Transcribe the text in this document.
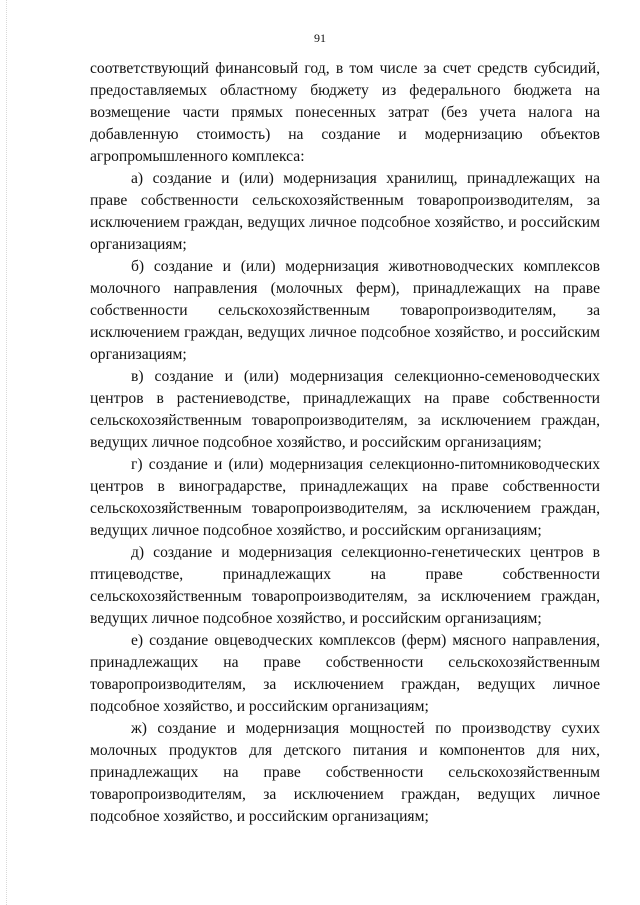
91

соответствующий финансовый год, в том числе за счет средств субсидий, предоставляемых областному бюджету из федерального бюджета на возмещение части прямых понесенных затрат (без учета налога на добавленную стоимость) на создание и модернизацию объектов агропромышленного комплекса:

а) создание и (или) модернизация хранилищ, принадлежащих на праве собственности сельскохозяйственным товаропроизводителям, за исключением граждан, ведущих личное подсобное хозяйство, и российским организациям;

б) создание и (или) модернизация животноводческих комплексов молочного направления (молочных ферм), принадлежащих на праве собственности сельскохозяйственным товаропроизводителям, за исключением граждан, ведущих личное подсобное хозяйство, и российским организациям;

в) создание и (или) модернизация селекционно-семеноводческих центров в растениеводстве, принадлежащих на праве собственности сельскохозяйственным товаропроизводителям, за исключением граждан, ведущих личное подсобное хозяйство, и российским организациям;

г) создание и (или) модернизация селекционно-питомниководческих центров в виноградарстве, принадлежащих на праве собственности сельскохозяйственным товаропроизводителям, за исключением граждан, ведущих личное подсобное хозяйство, и российским организациям;

д) создание и модернизация селекционно-генетических центров в птицеводстве, принадлежащих на праве собственности сельскохозяйственным товаропроизводителям, за исключением граждан, ведущих личное подсобное хозяйство, и российским организациям;

е) создание овцеводческих комплексов (ферм) мясного направления, принадлежащих на праве собственности сельскохозяйственным товаропроизводителям, за исключением граждан, ведущих личное подсобное хозяйство, и российским организациям;

ж) создание и модернизация мощностей по производству сухих молочных продуктов для детского питания и компонентов для них, принадлежащих на праве собственности сельскохозяйственным товаропроизводителям, за исключением граждан, ведущих личное подсобное хозяйство, и российским организациям;
